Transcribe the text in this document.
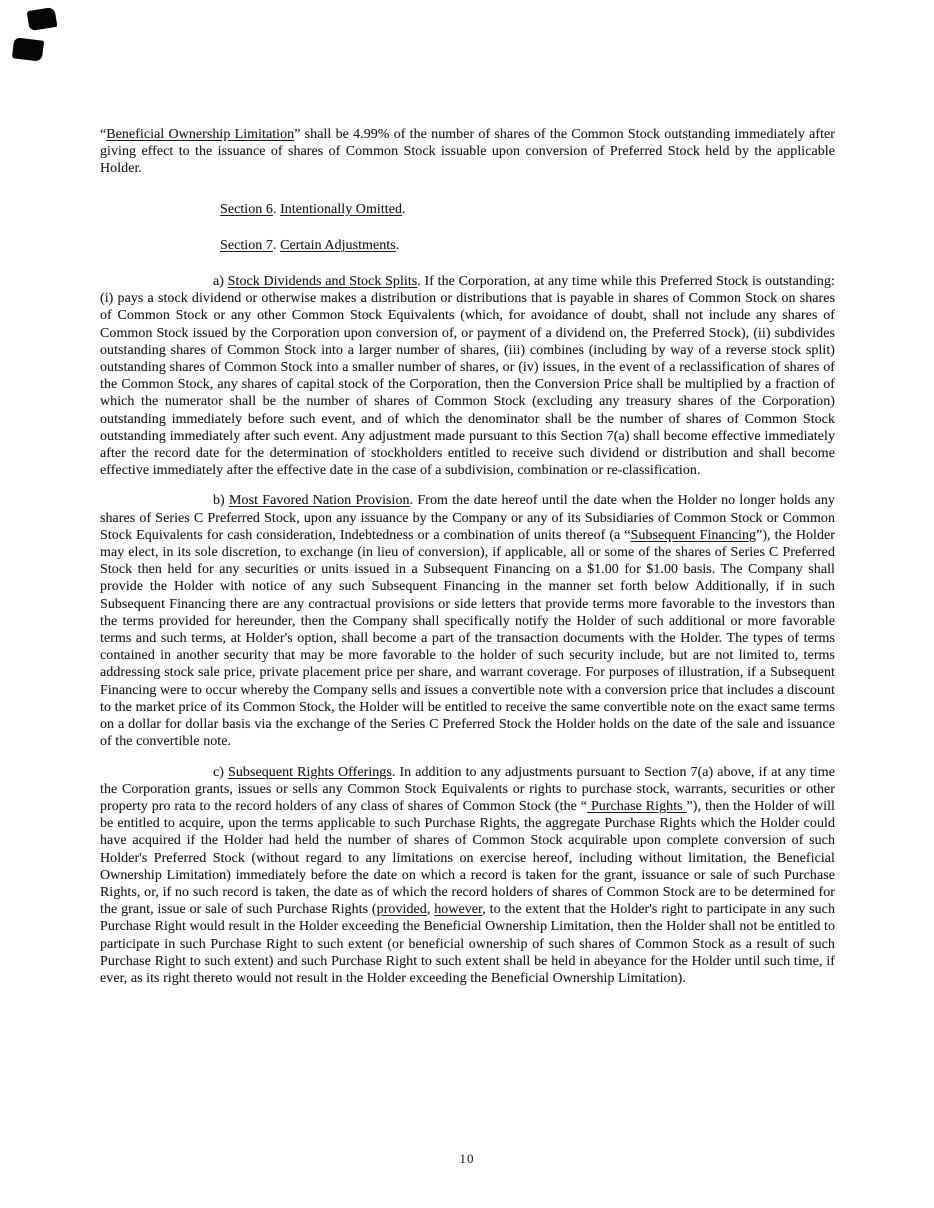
“Beneficial Ownership Limitation” shall be 4.99% of the number of shares of the Common Stock outstanding immediately after giving effect to the issuance of shares of Common Stock issuable upon conversion of Preferred Stock held by the applicable Holder.

Section 6. Intentionally Omitted.

Section 7. Certain Adjustments.

a) Stock Dividends and Stock Splits. If the Corporation, at any time while this Preferred Stock is outstanding: (i) pays a stock dividend or otherwise makes a distribution or distributions that is payable in shares of Common Stock on shares of Common Stock or any other Common Stock Equivalents (which, for avoidance of doubt, shall not include any shares of Common Stock issued by the Corporation upon conversion of, or payment of a dividend on, the Preferred Stock), (ii) subdivides outstanding shares of Common Stock into a larger number of shares, (iii) combines (including by way of a reverse stock split) outstanding shares of Common Stock into a smaller number of shares, or (iv) issues, in the event of a reclassification of shares of the Common Stock, any shares of capital stock of the Corporation, then the Conversion Price shall be multiplied by a fraction of which the numerator shall be the number of shares of Common Stock (excluding any treasury shares of the Corporation) outstanding immediately before such event, and of which the denominator shall be the number of shares of Common Stock outstanding immediately after such event. Any adjustment made pursuant to this Section 7(a) shall become effective immediately after the record date for the determination of stockholders entitled to receive such dividend or distribution and shall become effective immediately after the effective date in the case of a subdivision, combination or re-classification.

b) Most Favored Nation Provision. From the date hereof until the date when the Holder no longer holds any shares of Series C Preferred Stock, upon any issuance by the Company or any of its Subsidiaries of Common Stock or Common Stock Equivalents for cash consideration, Indebtedness or a combination of units thereof (a “Subsequent Financing”), the Holder may elect, in its sole discretion, to exchange (in lieu of conversion), if applicable, all or some of the shares of Series C Preferred Stock then held for any securities or units issued in a Subsequent Financing on a $1.00 for $1.00 basis. The Company shall provide the Holder with notice of any such Subsequent Financing in the manner set forth below Additionally, if in such Subsequent Financing there are any contractual provisions or side letters that provide terms more favorable to the investors than the terms provided for hereunder, then the Company shall specifically notify the Holder of such additional or more favorable terms and such terms, at Holder's option, shall become a part of the transaction documents with the Holder. The types of terms contained in another security that may be more favorable to the holder of such security include, but are not limited to, terms addressing stock sale price, private placement price per share, and warrant coverage. For purposes of illustration, if a Subsequent Financing were to occur whereby the Company sells and issues a convertible note with a conversion price that includes a discount to the market price of its Common Stock, the Holder will be entitled to receive the same convertible note on the exact same terms on a dollar for dollar basis via the exchange of the Series C Preferred Stock the Holder holds on the date of the sale and issuance of the convertible note.

c) Subsequent Rights Offerings. In addition to any adjustments pursuant to Section 7(a) above, if at any time the Corporation grants, issues or sells any Common Stock Equivalents or rights to purchase stock, warrants, securities or other property pro rata to the record holders of any class of shares of Common Stock (the “ Purchase Rights ”), then the Holder of will be entitled to acquire, upon the terms applicable to such Purchase Rights, the aggregate Purchase Rights which the Holder could have acquired if the Holder had held the number of shares of Common Stock acquirable upon complete conversion of such Holder's Preferred Stock (without regard to any limitations on exercise hereof, including without limitation, the Beneficial Ownership Limitation) immediately before the date on which a record is taken for the grant, issuance or sale of such Purchase Rights, or, if no such record is taken, the date as of which the record holders of shares of Common Stock are to be determined for the grant, issue or sale of such Purchase Rights (provided, however, to the extent that the Holder's right to participate in any such Purchase Right would result in the Holder exceeding the Beneficial Ownership Limitation, then the Holder shall not be entitled to participate in such Purchase Right to such extent (or beneficial ownership of such shares of Common Stock as a result of such Purchase Right to such extent) and such Purchase Right to such extent shall be held in abeyance for the Holder until such time, if ever, as its right thereto would not result in the Holder exceeding the Beneficial Ownership Limitation).

10
